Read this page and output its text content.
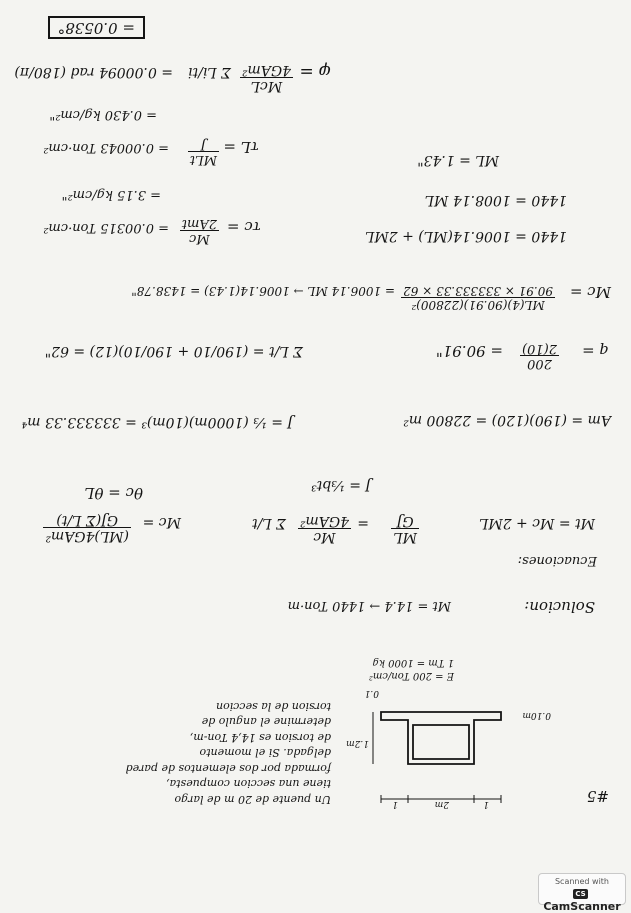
#5
Un puente de 20 m de largo
tiene una seccion compuesta,
formada por dos elementos de pared
delgada. Si el momento
de torsion es 14,4 Ton-m,
determine el angulo de
torsion de la seccion
E = 200 Ton/cm²
1 Tm = 1000 kg
1
2m
1
0.10m
1.2m
0.1
Solucion:
Mt = 14.4 → 1440 Ton·m
Ecuaciones:
Mt = Mc + 2ML
ML
GJ
=
Mc
4GAm²
Σ L/t
θc = θL	J = ⅓bt³
Mc =
(ML)4GAm²
GJ(Σ L/t)
Am = (190)(120) = 22800 m²
J = ⅓ (1000m)(10m)³ = 333333.33 m⁴
q =
200
2(10)
= 90.91"
Σ L/t = (190/10 + 190/10)(12) = 62"
Mc =
ML(4)(90.91)(22800)²
90.91 × 333333.33 × 62
= 1006.14 ML → 1006.14(1.43) = 1438.78"
1440 = 1006.14(ML) + 2ML
1440 = 1008.14 ML
ML = 1.43"
τc =
Mc
2Amt
= 0.00315 Ton·cm²
= 3.15 kg/cm²"
τL =
MLt
J
= 0.00043 Ton·cm²
= 0.430 kg/cm²"
φ =
McL
4GAm²
Σ Li/ti
= 0.00094 rad (180/π)
= 0.0538°
Scanned with
CSCamScanner
